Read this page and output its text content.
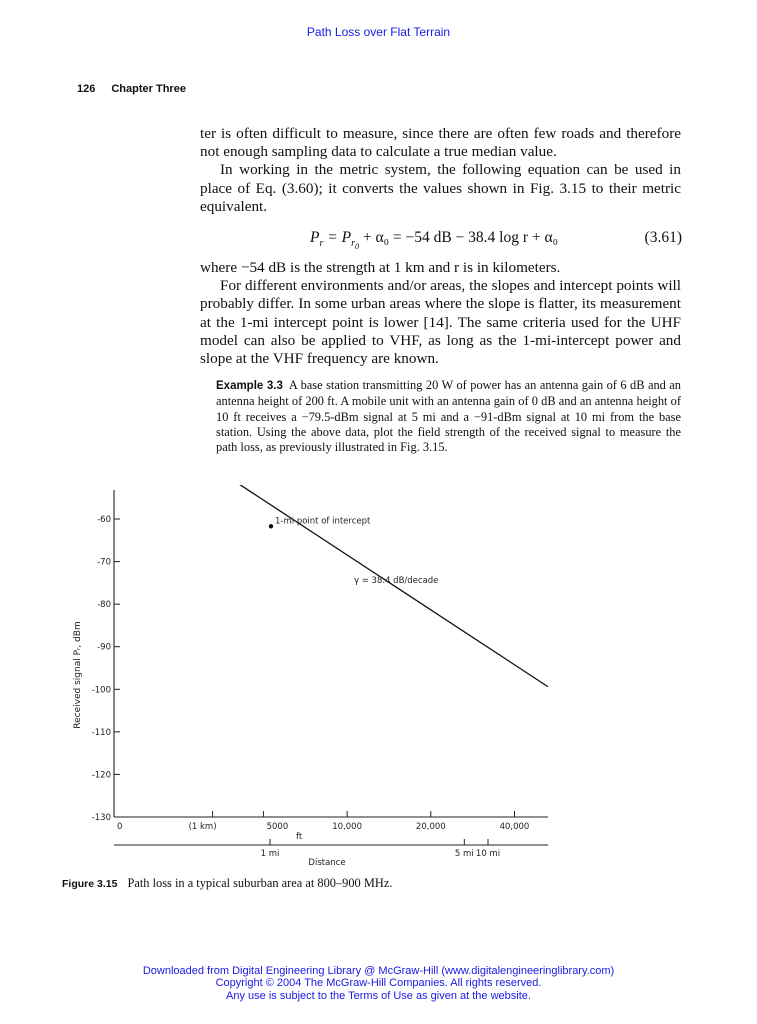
Path Loss over Flat Terrain
126 Chapter Three

ter is often difficult to measure, since there are often few roads and therefore not enough sampling data to calculate a true median value.

In working in the metric system, the following equation can be used in place of Eq. (3.60); it converts the values shown in Fig. 3.15 to their metric equivalent.

$P_r = P_{r_0} + \alpha_0 = -54$ dB − 38.4 log r + α₀	(3.61)

where −54 dB is the strength at 1 km and r is in kilometers.

For different environments and/or areas, the slopes and intercept points will probably differ. In some urban areas where the slope is flatter, its measurement at the 1-mi intercept point is lower [14]. The same criteria used for the UHF model can also be applied to VHF, as long as the 1-mi-intercept power and slope at the VHF frequency are known.

Example 3.3 A base station transmitting 20 W of power has an antenna gain of 6 dB and an antenna height of 200 ft. A mobile unit with an antenna gain of 0 dB and an antenna height of 10 ft receives a −79.5-dBm signal at 5 mi and a −91-dBm signal at 10 mi from the base station. Using the above data, plot the field strength of the received signal to measure the path loss, as previously illustrated in Fig. 3.15.
-60
-70
-80
-90
-100
-110
-120
-130
0	(1 km)	5000	10,000	20,000	40,000
1 mi	5 mi 10 mi
ft
Distance
Received signal Pᵣ, dBm
1-mi point of intercept
γ = 38.4 dB/decade
Figure 3.15 Path loss in a typical suburban area at 800–900 MHz.
Downloaded from Digital Engineering Library @ McGraw-Hill (www.digitalengineeringlibrary.com)
Copyright © 2004 The McGraw-Hill Companies. All rights reserved.
Any use is subject to the Terms of Use as given at the website.
